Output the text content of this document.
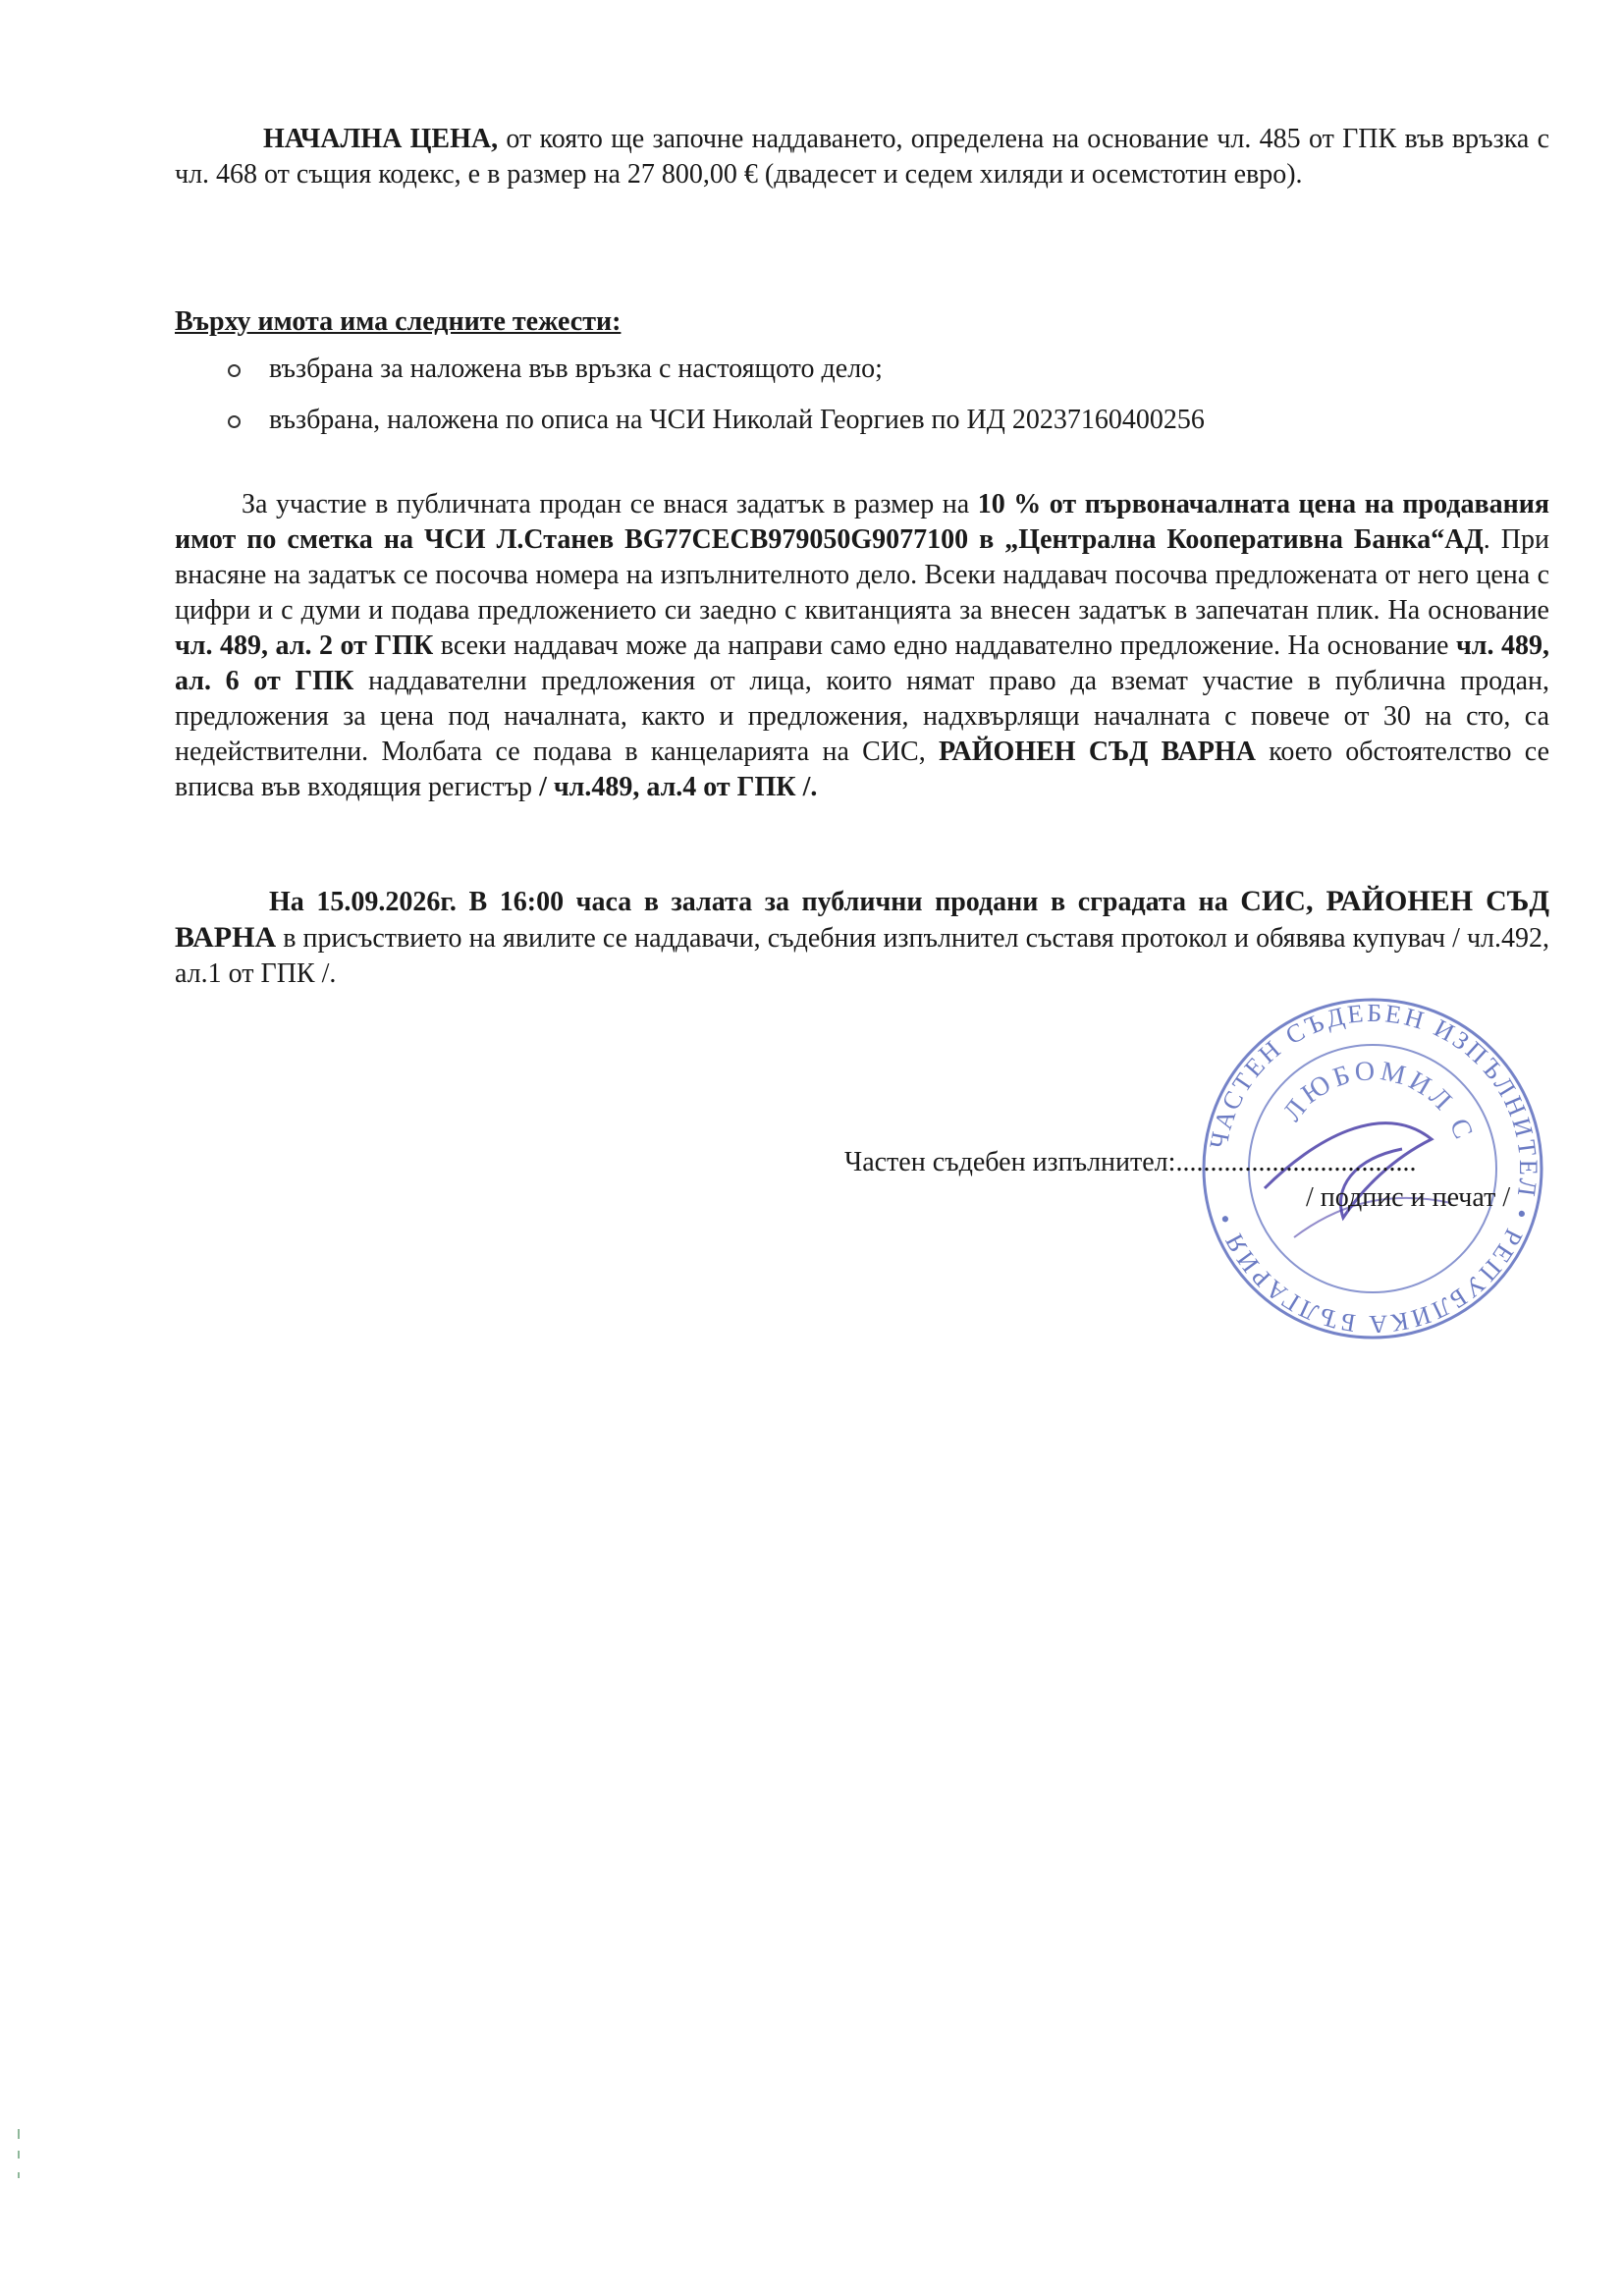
НАЧАЛНА ЦЕНА, от която ще започне наддаването, определена на основание чл. 485 от ГПК във връзка с чл. 468 от същия кодекс, е в размер на 27 800,00 € (двадесет и седем хиляди и осемстотин евро).
Върху имота има следните тежести:
възбрана за наложена във връзка с настоящото дело;
възбрана, наложена по описа на ЧСИ Николай Георгиев по ИД 20237160400256
За участие в публичната продан се внася задатък в размер на 10 % от първоначалната цена на продавания имот по сметка на ЧСИ Л.Станев BG77CECB979050G9077100 в „Централна Кооперативна Банка“АД. При внасяне на задатък се посочва номера на изпълнителното дело. Всеки наддавач посочва предложената от него цена с цифри и с думи и подава предложението си заедно с квитанцията за внесен задатък в запечатан плик. На основание чл. 489, ал. 2 от ГПК всеки наддавач може да направи само едно наддавателно предложение. На основание чл. 489, ал. 6 от ГПК наддавателни предложения от лица, които нямат право да вземат участие в публична продан, предложения за цена под началната, както и предложения, надхвърлящи началната с повече от 30 на сто, са недействителни. Молбата се подава в канцеларията на СИС, РАЙОНЕН СЪД ВАРНА което обстоятелство се вписва във входящия регистър / чл.489, ал.4 от ГПК /.
На 15.09.2026г. В 16:00 часа в залата за публични продани в сградата на СИС, РАЙОНЕН СЪД ВАРНА в присъствието на явилите се наддавачи, съдебния изпълнител съставя протокол и обявява купувач / чл.492, ал.1 от ГПК /.
ЧАСТЕН СЪДЕБЕН ИЗПЪЛНИТЕЛ • РЕПУБЛИКА БЪЛГАРИЯ •
ЛЮБОМИЛ С
Частен съдебен изпълнител:...................................
/ подпис и печат /
